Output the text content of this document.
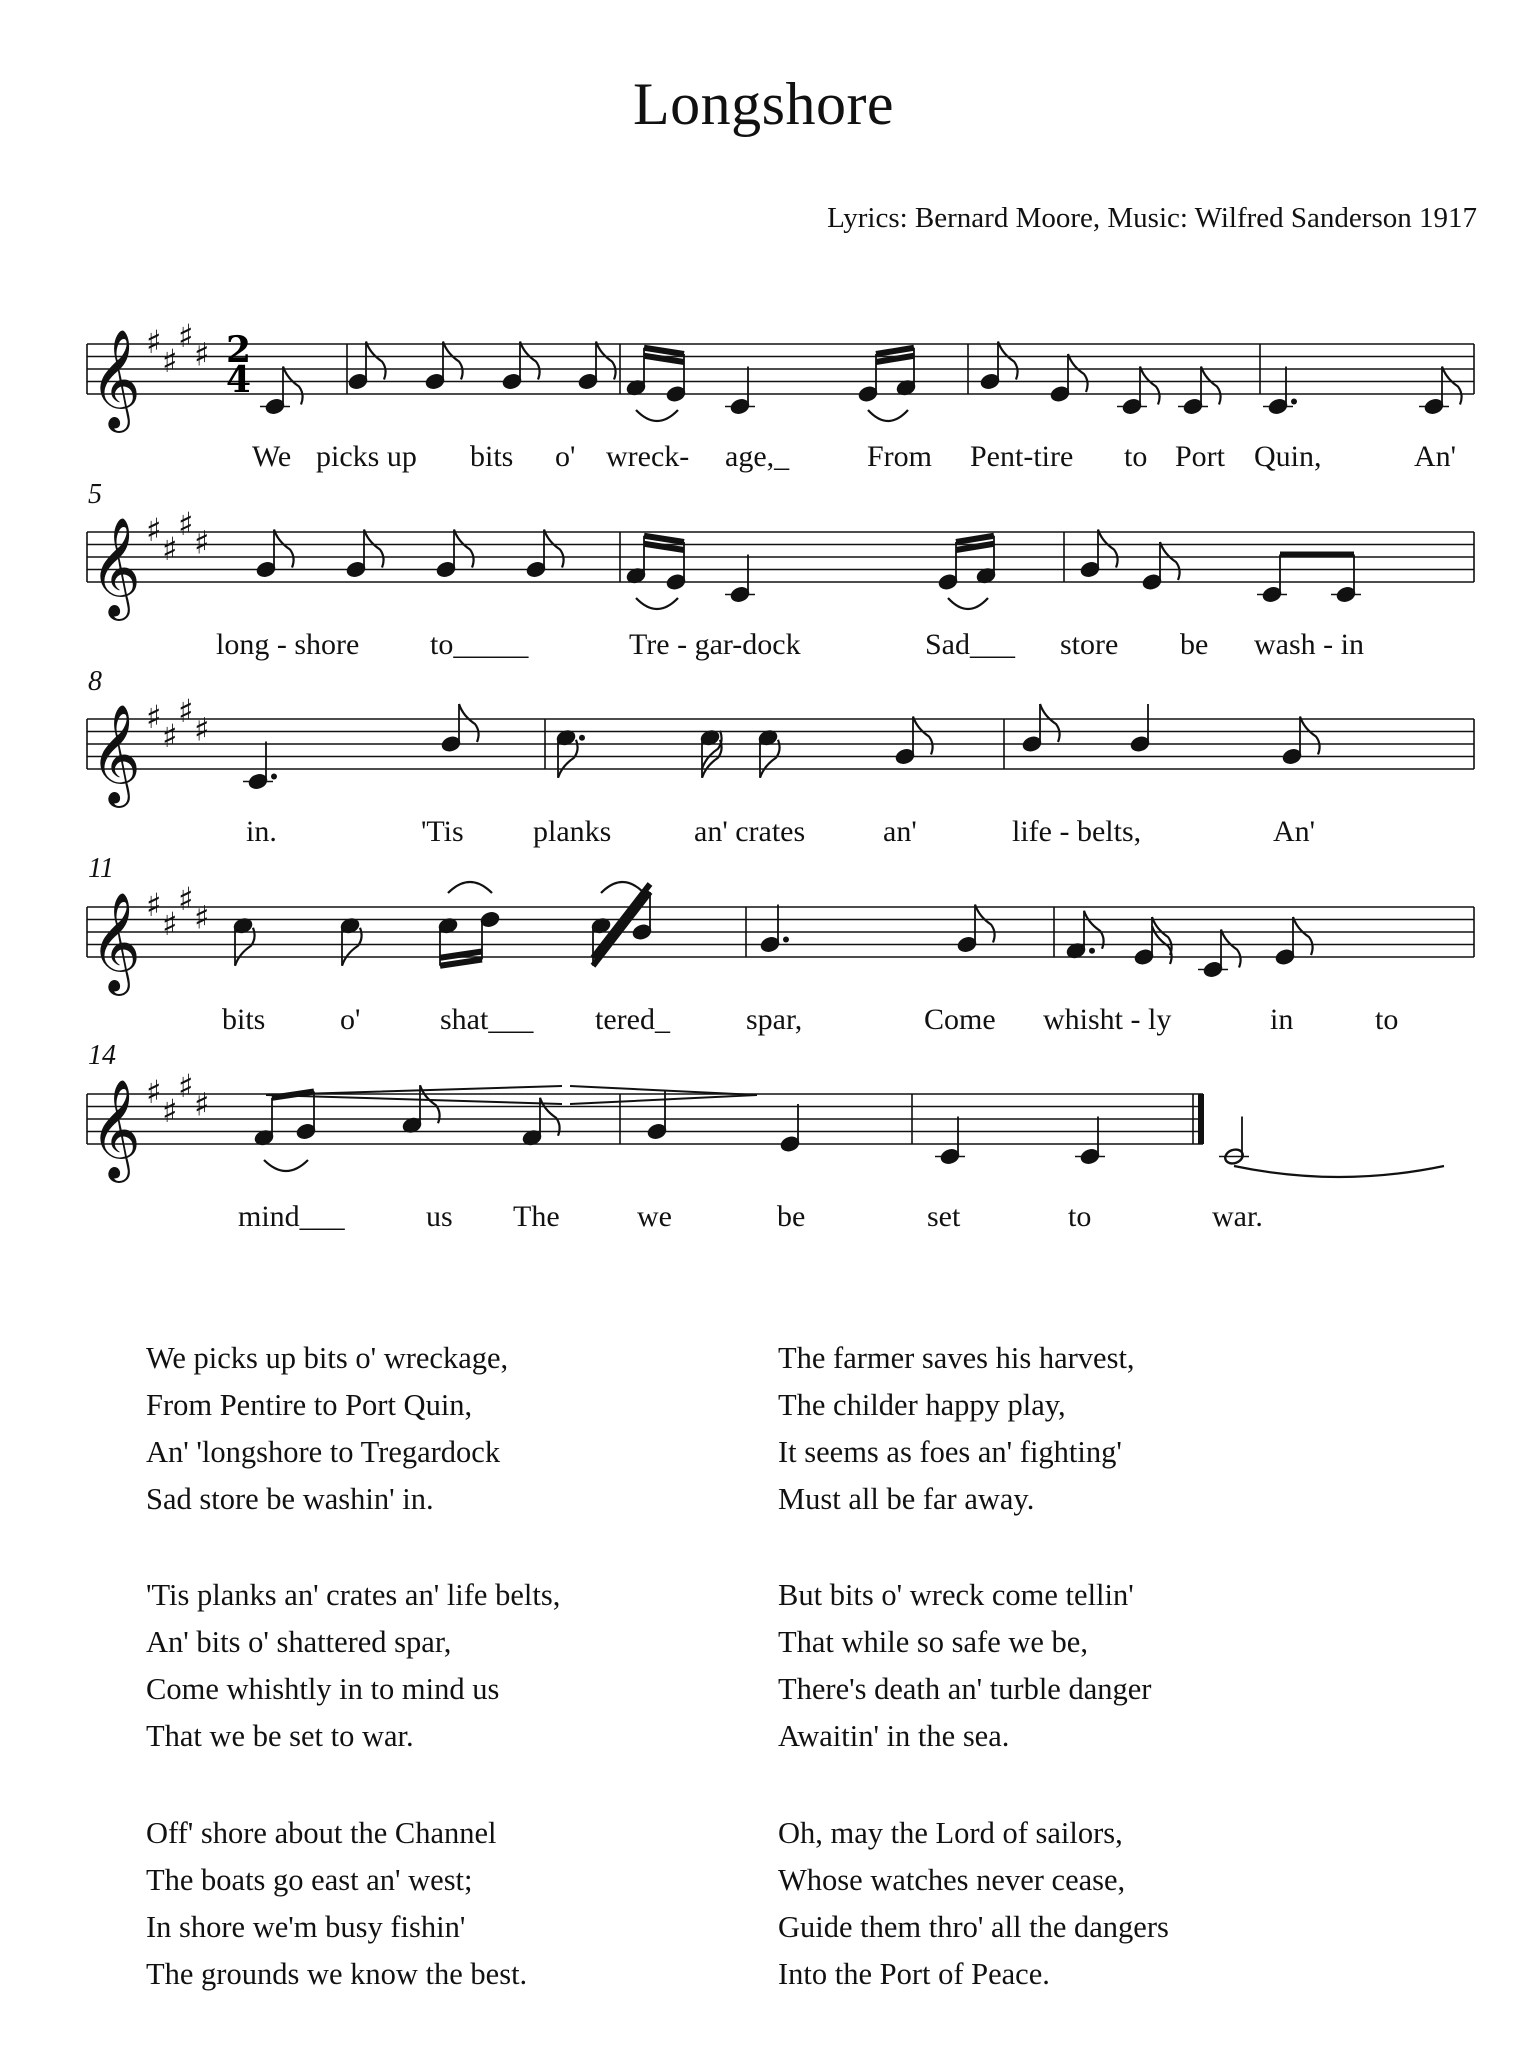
Longshore
Lyrics: Bernard Moore, Music: Wilfred Sanderson 1917
𝄞 ♯ ♯
♯ ♯
𝄞 ♯ ♯
♯ ♯
𝄞 ♯ ♯
♯ ♯
𝄞 ♯ ♯
♯ ♯
𝄞 ♯ ♯
♯ ♯
2
4
5
8
11
14
We picks up bits o' wreck- age,_	From Pent-tire to Port Quin,	An'
long - shore to_____	Tre - gar-dock	Sad___ store be wash - in
in.	'Tis planks	an' crates	an'	life - belts,	An'
bits o'	shat___ tered_	spar,	Come whisht - ly	in	to
mind___	us The	we	be	set	to	war.
We picks up bits o' wreckage,
From Pentire to Port Quin,
An' 'longshore to Tregardock
Sad store be washin' in.
'Tis planks an' crates an' life belts,
An' bits o' shattered spar,
Come whishtly in to mind us
That we be set to war.
Off' shore about the Channel
The boats go east an' west;
In shore we'm busy fishin'
The grounds we know the best.
The farmer saves his harvest,
The childer happy play,
It seems as foes an' fighting'
Must all be far away.
But bits o' wreck come tellin'
That while so safe we be,
There's death an' turble danger
Awaitin' in the sea.
Oh, may the Lord of sailors,
Whose watches never cease,
Guide them thro' all the dangers
Into the Port of Peace.
